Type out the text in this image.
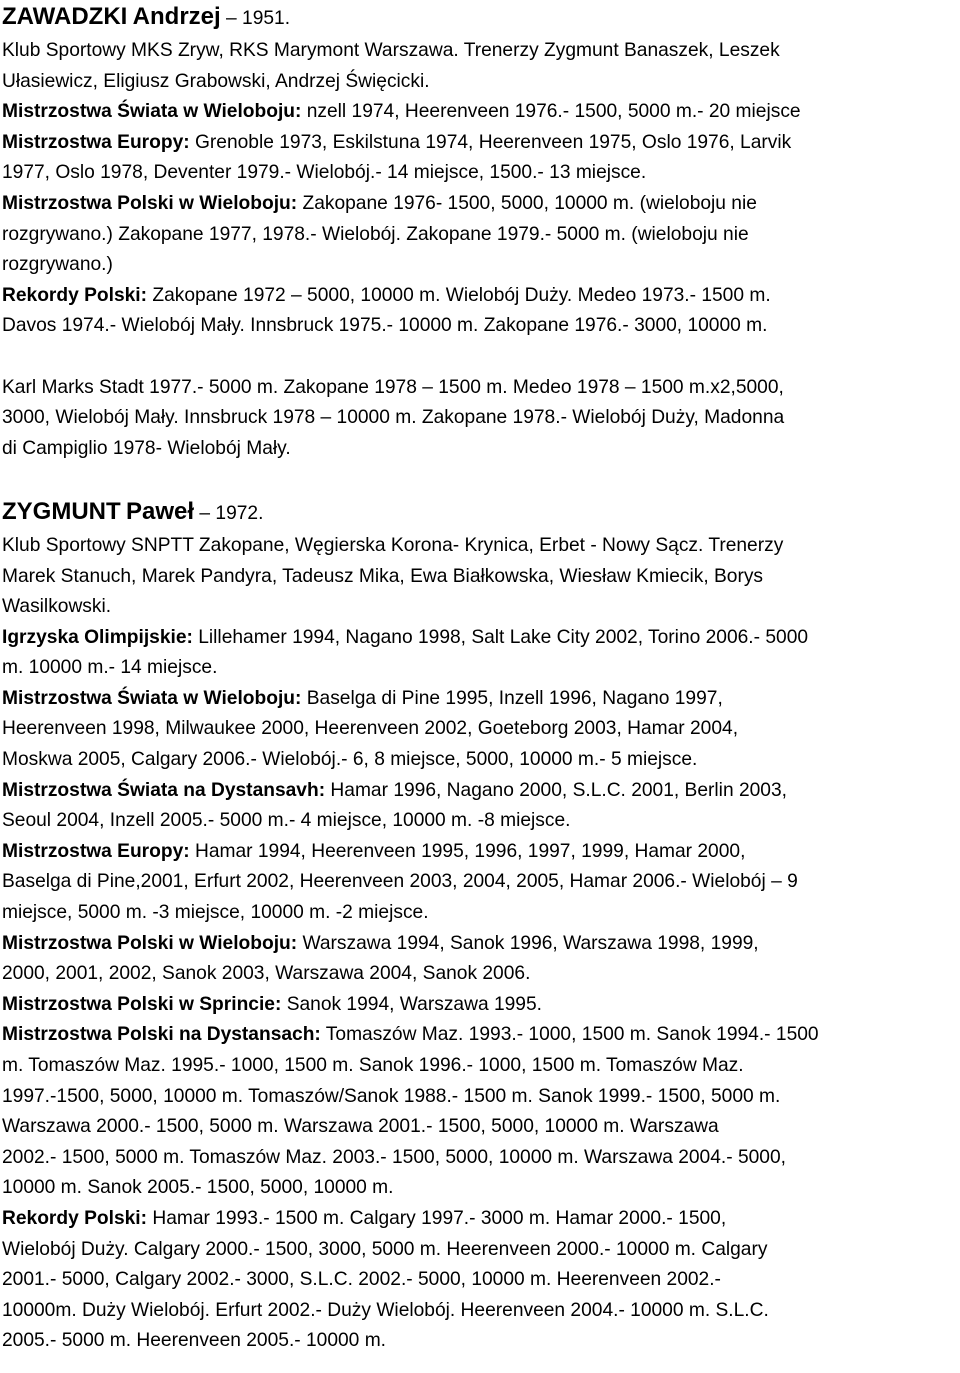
ZAWADZKI Andrzej – 1951.
Klub Sportowy MKS Zryw, RKS Marymont Warszawa. Trenerzy Zygmunt Banaszek, Leszek
Ułasiewicz, Eligiusz Grabowski, Andrzej Święcicki.
Mistrzostwa Świata w Wieloboju: nzell 1974, Heerenveen 1976.- 1500, 5000 m.- 20 miejsce
Mistrzostwa Europy: Grenoble 1973, Eskilstuna 1974, Heerenveen 1975, Oslo 1976, Larvik
1977, Oslo 1978, Deventer 1979.- Wielobój.- 14 miejsce, 1500.- 13 miejsce.
Mistrzostwa Polski w Wieloboju: Zakopane 1976- 1500, 5000, 10000 m. (wieloboju nie
rozgrywano.) Zakopane 1977, 1978.- Wielobój. Zakopane 1979.- 5000 m. (wieloboju nie
rozgrywano.)
Rekordy Polski: Zakopane 1972 – 5000, 10000 m. Wielobój Duży. Medeo 1973.- 1500 m.
Davos 1974.- Wielobój Mały. Innsbruck 1975.- 10000 m. Zakopane 1976.- 3000, 10000 m.
Karl Marks Stadt 1977.- 5000 m. Zakopane 1978 – 1500 m. Medeo 1978 – 1500 m.x2,5000,
3000, Wielobój Mały. Innsbruck 1978 – 10000 m. Zakopane 1978.- Wielobój Duży, Madonna
di Campiglio 1978- Wielobój Mały.
ZYGMUNT Paweł – 1972.
Klub Sportowy SNPTT Zakopane, Węgierska Korona- Krynica, Erbet - Nowy Sącz. Trenerzy
Marek Stanuch, Marek Pandyra, Tadeusz Mika, Ewa Białkowska, Wiesław Kmiecik, Borys
Wasilkowski.
Igrzyska Olimpijskie: Lillehamer 1994, Nagano 1998, Salt Lake City 2002, Torino 2006.- 5000
m. 10000 m.- 14 miejsce.
Mistrzostwa Świata w Wieloboju: Baselga di Pine 1995, Inzell 1996, Nagano 1997,
Heerenveen 1998, Milwaukee 2000, Heerenveen 2002, Goeteborg 2003, Hamar 2004,
Moskwa 2005, Calgary 2006.- Wielobój.- 6, 8 miejsce, 5000, 10000 m.- 5 miejsce.
Mistrzostwa Świata na Dystansavh: Hamar 1996, Nagano 2000, S.L.C. 2001, Berlin 2003,
Seoul 2004, Inzell 2005.- 5000 m.- 4 miejsce, 10000 m. -8 miejsce.
Mistrzostwa Europy: Hamar 1994, Heerenveen 1995, 1996, 1997, 1999, Hamar 2000,
Baselga di Pine,2001, Erfurt 2002, Heerenveen 2003, 2004, 2005, Hamar 2006.- Wielobój – 9
miejsce, 5000 m. -3 miejsce, 10000 m. -2 miejsce.
Mistrzostwa Polski w Wieloboju: Warszawa 1994, Sanok 1996, Warszawa 1998, 1999,
2000, 2001, 2002, Sanok 2003, Warszawa 2004, Sanok 2006.
Mistrzostwa Polski w Sprincie: Sanok 1994, Warszawa 1995.
Mistrzostwa Polski na Dystansach: Tomaszów Maz. 1993.- 1000, 1500 m. Sanok 1994.- 1500
m. Tomaszów Maz. 1995.- 1000, 1500 m. Sanok 1996.- 1000, 1500 m. Tomaszów Maz.
1997.-1500, 5000, 10000 m. Tomaszów/Sanok 1988.- 1500 m. Sanok 1999.- 1500, 5000 m.
Warszawa 2000.- 1500, 5000 m. Warszawa 2001.- 1500, 5000, 10000 m. Warszawa
2002.- 1500, 5000 m. Tomaszów Maz. 2003.- 1500, 5000, 10000 m. Warszawa 2004.- 5000,
10000 m. Sanok 2005.- 1500, 5000, 10000 m.
Rekordy Polski: Hamar 1993.- 1500 m. Calgary 1997.- 3000 m. Hamar 2000.- 1500,
Wielobój Duży. Calgary 2000.- 1500, 3000, 5000 m. Heerenveen 2000.- 10000 m. Calgary
2001.- 5000, Calgary 2002.- 3000, S.L.C. 2002.- 5000, 10000 m. Heerenveen 2002.-
10000m. Duży Wielobój. Erfurt 2002.- Duży Wielobój. Heerenveen 2004.- 10000 m. S.L.C.
2005.- 5000 m. Heerenveen 2005.- 10000 m.
